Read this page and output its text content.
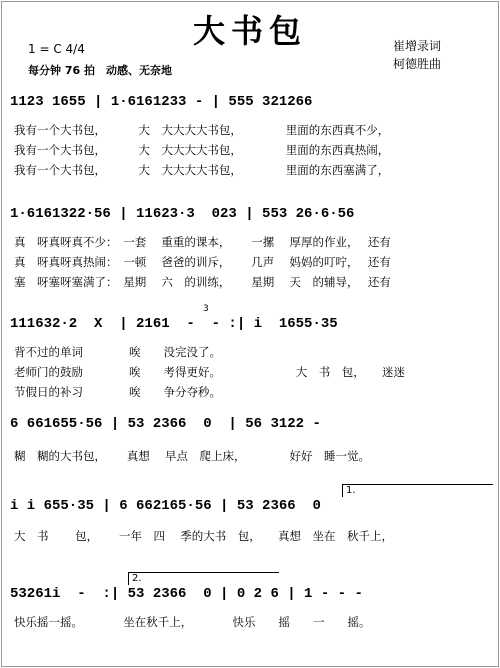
大书包
1 = C 4/4
每分钟 76 拍　动感、无奈地
崔增录词
柯德胜曲
1123 1655 | 1·6161233 - | 555 321266
我有一个大书包，　　　 大　大大大大书包，　　　　 里面的东西真不少，
我有一个大书包，　　　 大　大大大大书包，　　　　 里面的东西真热闹，
我有一个大书包，　　　 大　大大大大书包，　　　　 里面的东西塞满了，
1·6161322·56 | 11623·3  023 | 553 26·6·56
真　呀真呀真不少：　一套　 重重的课本，　　 一摞　 厚厚的作业，　 还有
真　呀真呀真热闹：　一顿　 爸爸的训斥，　　 几声　 妈妈的叮咛，　 还有
塞　呀塞呀塞满了：　星期　 六　的训练，　　 星期　 天　的辅导，　 还有
3
111632·2  X  | 2161  -  - :| i  1655·35
背不过的单词　　　　唉　　没完没了。
老师门的鼓励　　　　唉　　考得更好。　　　　　　　大　书　包，　　迷迷
节假日的补习　　　　唉　　争分夺秒。
6 661655·56 | 53 2366  0  | 56 3122 -
糊　糊的大书包，　　 真想　 早点　爬上床，　　　　 好好　睡一觉。
1.
i i 655·35 | 6 662165·56 | 53 2366  0
大　书　　 包，　　 一年　四　 季的大书　包，　　真想　坐在　秋千上，
2.
53261i  -  :| 53 2366  0 | 0 2 6 | 1 - - -
快乐摇一摇。　　　　坐在秋千上，　　　　快乐　　摇　　一　　摇。
